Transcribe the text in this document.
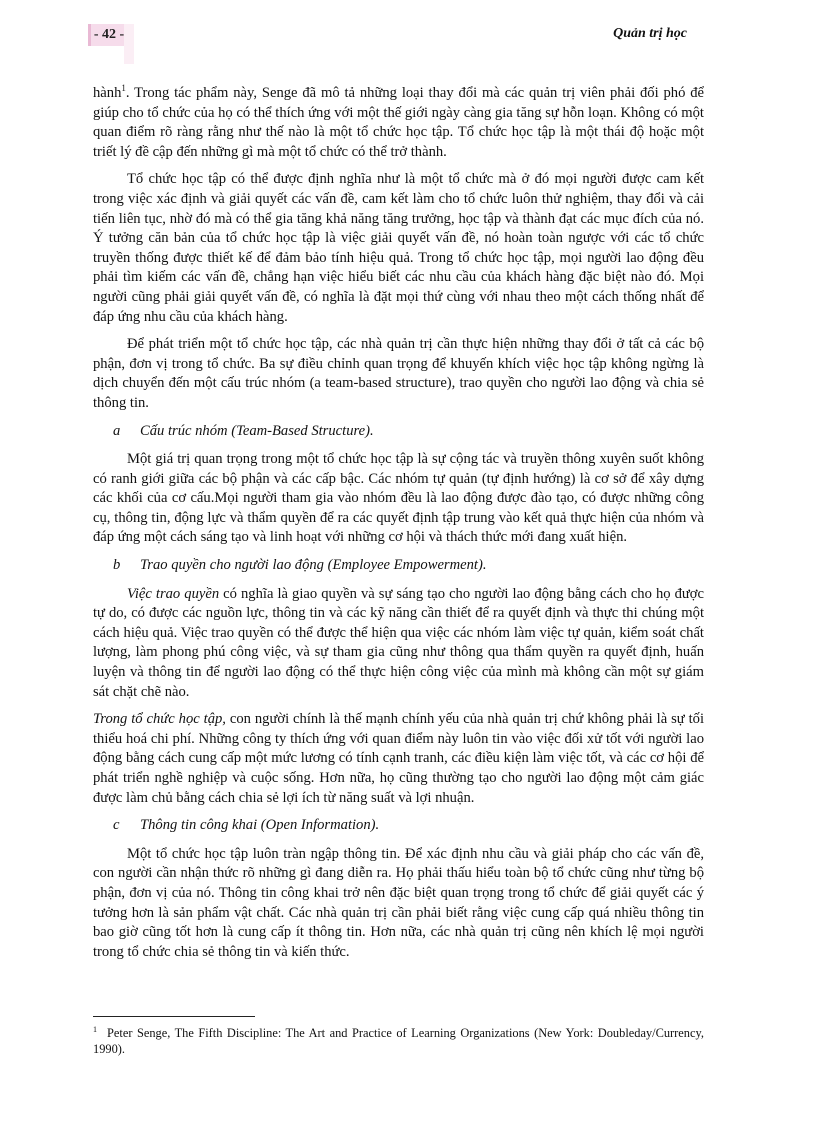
- 42 -	Quản trị học

hành$^1$. Trong tác phẩm này, Senge đã mô tả những loại thay đổi mà các quản trị viên phải đối phó để giúp cho tổ chức của họ có thể thích ứng với một thế giới ngày càng gia tăng sự hỗn loạn. Không có một quan điểm rõ ràng rằng như thế nào là một tổ chức học tập. Tổ chức học tập là một thái độ hoặc một triết lý đề cập đến những gì mà một tổ chức có thể trở thành.

Tổ chức học tập có thể được định nghĩa như là một tổ chức mà ở đó mọi người được cam kết trong việc xác định và giải quyết các vấn đề, cam kết làm cho tổ chức luôn thử nghiệm, thay đổi và cải tiến liên tục, nhờ đó mà có thể gia tăng khả năng tăng trưởng, học tập và thành đạt các mục đích của nó. Ý tưởng căn bản của tổ chức học tập là việc giải quyết vấn đề, nó hoàn toàn ngược với các tổ chức truyền thống được thiết kế để đảm bảo tính hiệu quả. Trong tổ chức học tập, mọi người lao động đều phải tìm kiếm các vấn đề, chẳng hạn việc hiểu biết các nhu cầu của khách hàng đặc biệt nào đó. Mọi người cũng phải giải quyết vấn đề, có nghĩa là đặt mọi thứ cùng với nhau theo một cách thống nhất để đáp ứng nhu cầu của khách hàng.

Để phát triển một tổ chức học tập, các nhà quản trị cần thực hiện những thay đổi ở tất cả các bộ phận, đơn vị trong tổ chức. Ba sự điều chỉnh quan trọng để khuyến khích việc học tập không ngừng là dịch chuyển đến một cấu trúc nhóm (a team-based structure), trao quyền cho người lao động và chia sẻ thông tin.

a Cấu trúc nhóm (Team-Based Structure).

Một giá trị quan trọng trong một tổ chức học tập là sự cộng tác và truyền thông xuyên suốt không có ranh giới giữa các bộ phận và các cấp bậc. Các nhóm tự quản (tự định hướng) là cơ sở để xây dựng các khối của cơ cấu.Mọi người tham gia vào nhóm đều là lao động được đào tạo, có được những công cụ, thông tin, động lực và thẩm quyền để ra các quyết định tập trung vào kết quả thực hiện của nhóm và đáp ứng một cách sáng tạo và linh hoạt với những cơ hội và thách thức mới đang xuất hiện.

b Trao quyền cho người lao động (Employee Empowerment).

Việc trao quyền có nghĩa là giao quyền và sự sáng tạo cho người lao động bằng cách cho họ được tự do, có được các nguồn lực, thông tin và các kỹ năng cần thiết để ra quyết định và thực thi chúng một cách hiệu quả. Việc trao quyền có thể được thể hiện qua việc các nhóm làm việc tự quản, kiểm soát chất lượng, làm phong phú công việc, và sự tham gia cũng như thông qua thẩm quyền ra quyết định, huấn luyện và thông tin để người lao động có thể thực hiện công việc của mình mà không cần một sự giám sát chặt chẽ nào.

Trong tổ chức học tập, con người chính là thế mạnh chính yếu của nhà quản trị chứ không phải là sự tối thiểu hoá chi phí. Những công ty thích ứng với quan điểm này luôn tin vào việc đối xử tốt với người lao động bằng cách cung cấp một mức lương có tính cạnh tranh, các điều kiện làm việc tốt, và các cơ hội để phát triển nghề nghiệp và cuộc sống. Hơn nữa, họ cũng thường tạo cho người lao động một cảm giác được làm chủ bằng cách chia sẻ lợi ích từ năng suất và lợi nhuận.

c Thông tin công khai (Open Information).

Một tổ chức học tập luôn tràn ngập thông tin. Để xác định nhu cầu và giải pháp cho các vấn đề, con người cần nhận thức rõ những gì đang diễn ra. Họ phải thấu hiểu toàn bộ tổ chức cũng như từng bộ phận, đơn vị của nó. Thông tin công khai trở nên đặc biệt quan trọng trong tổ chức để giải quyết các ý tưởng hơn là sản phẩm vật chất. Các nhà quản trị cần phải biết rằng việc cung cấp quá nhiều thông tin bao giờ cũng tốt hơn là cung cấp ít thông tin. Hơn nữa, các nhà quản trị cũng nên khích lệ mọi người trong tổ chức chia sẻ thông tin và kiến thức.

$^1$ Peter Senge, The Fifth Discipline: The Art and Practice of Learning Organizations (New York: Doubleday/Currency, 1990).
